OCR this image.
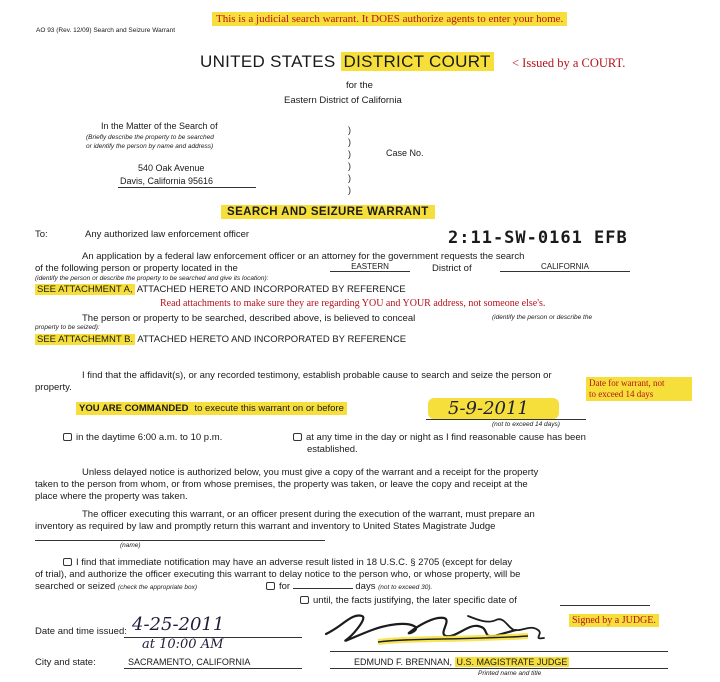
AO 93 (Rev. 12/09) Search and Seizure Warrant
This is a judicial search warrant. It DOES authorize agents to enter your home.
UNITED STATES DISTRICT COURT < Issued by a COURT.
for the
Eastern District of California
In the Matter of the Search of
(Briefly describe the property to be searched
or identify the person by name and address)
540 Oak Avenue
Davis, California 95616
)
)
)
)
)
)
Case No.
SEARCH AND SEIZURE WARRANT
To:	Any authorized law enforcement officer	2:11-SW-0161 EFB
An application by a federal law enforcement officer or an attorney for the government requests the search
of the following person or property located in the	EASTERN	District of	CALIFORNIA
(identify the person or describe the property to be searched and give its location):
SEE ATTACHMENT A, ATTACHED HERETO AND INCORPORATED BY REFERENCE
Read attachments to make sure they are regarding YOU and YOUR address, not someone else's.
The person or property to be searched, described above, is believed to conceal	(identify the person or describe the
property to be seized):
SEE ATTACHEMNT B. ATTACHED HERETO AND INCORPORATED BY REFERENCE
I find that the affidavit(s), or any recorded testimony, establish probable cause to search and seize the person or
property.	Date for warrant, not
to exceed 14 days
YOU ARE COMMANDED to execute this warrant on or before	5-9-2011
(not to exceed 14 days)
in the daytime 6:00 a.m. to 10 p.m.	at any time in the day or night as I find reasonable cause has been
established.
Unless delayed notice is authorized below, you must give a copy of the warrant and a receipt for the property
taken to the person from whom, or from whose premises, the property was taken, or leave the copy and receipt at the
place where the property was taken.
The officer executing this warrant, or an officer present during the execution of the warrant, must prepare an
inventory as required by law and promptly return this warrant and inventory to United States Magistrate Judge
(name)
I find that immediate notification may have an adverse result listed in 18 U.S.C. § 2705 (except for delay
of trial), and authorize the officer executing this warrant to delay notice to the person who, or whose property, will be
searched or seized (check the appropriate box)	for	days (not to exceed 30).
until, the facts justifying, the later specific date of
Date and time issued: 4-25-2011
at 10:00 AM
Signed by a JUDGE.
City and state:	SACRAMENTO, CALIFORNIA	EDMUND F. BRENNAN, U.S. MAGISTRATE JUDGE
Printed name and title
